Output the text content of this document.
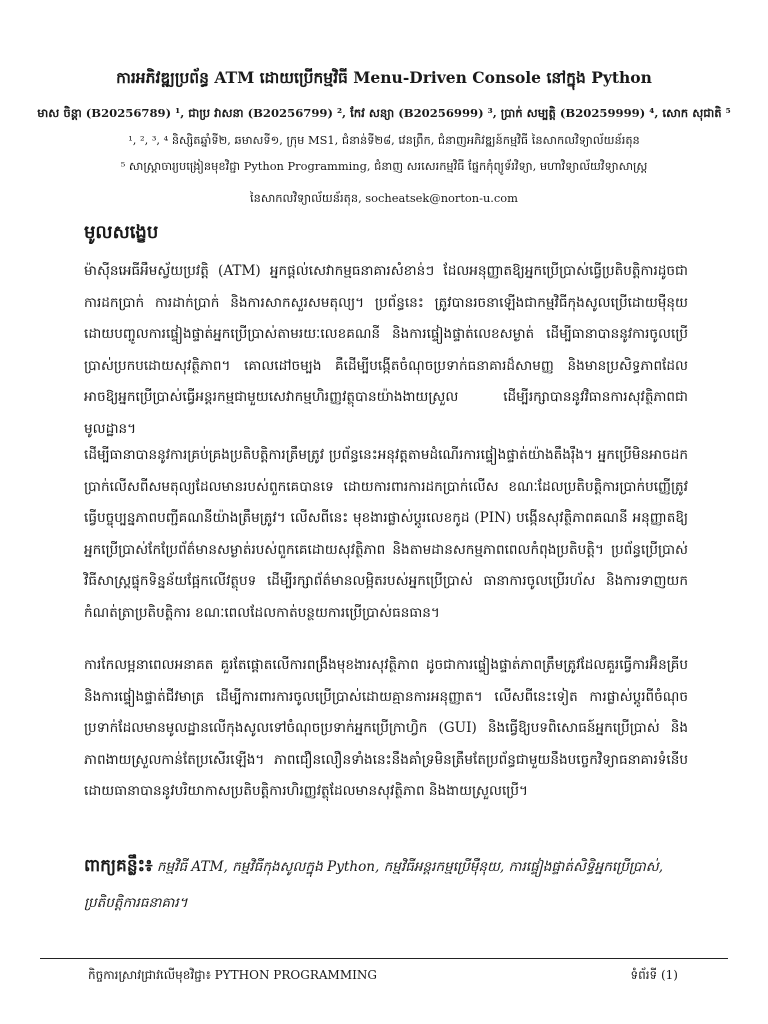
ការអភិវឌ្ឍប្រព័ន្ធ ATM ដោយប្រើកម្មវិធី Menu-Driven Console នៅក្នុង Python
មាស ចិន្តា (B20256789) ¹, ជាប្រ វាសនា (B20256799) ², កែវ សន្យា (B20256999) ³, ប្រាក់ សម្បត្តិ (B20259999) ⁴, សោក សុជាតិ ⁵
¹, ², ³, ⁴ និស្សិតឆ្នាំទី២, ឆមាសទី១, ក្រុម MS1, ជំនាន់ទី២៨, វេនព្រឹក, ជំនាញអភិវឌ្ឍន៍កម្មវិធី នៃសាកលវិទ្យាល័យន័រតុន
⁵ សាស្ត្រាចារ្យបង្រៀនមុខវិជ្ជា Python Programming, ជំនាញ សរសេរកម្មវិធី ផ្នែកកុំព្យូទ័រវិទ្យា, មហាវិទ្យាល័យវិទ្យាសាស្ត្រ
នៃសាកលវិទ្យាល័យន័រតុន, socheatsek@norton-u.com
មូលសង្ខេប

ម៉ាស៊ីនអេធីអឹមស្វ័យប្រវត្តិ (ATM) អ្នកផ្តល់សេវាកម្មធនាគារសំខាន់ៗ ដែលអនុញ្ញាតឱ្យអ្នកប្រើប្រាស់ធ្វើប្រតិបត្តិការដូចជាការដកប្រាក់ ការដាក់ប្រាក់ និងការសាកសួរសមតុល្យ។ ប្រព័ន្ធនេះ ត្រូវបានរចនាឡើងជាកម្មវិធីកុងសូលប្រើដោយម៉ឺនុយ ដោយបញ្ចូលការផ្ទៀងផ្ទាត់អ្នកប្រើប្រាស់តាមរយៈលេខគណនី និងការផ្ទៀងផ្ទាត់លេខសម្ងាត់ ដើម្បីធានាបាននូវការចូលប្រើប្រាស់ប្រកបដោយសុវត្ថិភាព។ គោលដៅចម្បង គឺដើម្បីបង្កើតចំណុចប្រទាក់ធនាគារដ៏សាមញ្ញ និងមានប្រសិទ្ធភាពដែលអាចឱ្យអ្នកប្រើប្រាស់ធ្វើអន្តរកម្មជាមួយសេវាកម្មហិរញ្ញវត្ថុបានយ៉ាងងាយស្រួល ដើម្បីរក្សាបាននូវវិធានការសុវត្ថិភាពជាមូលដ្ឋាន។

ដើម្បីធានាបាននូវការគ្រប់គ្រងប្រតិបត្តិការត្រឹមត្រូវ ប្រព័ន្ធនេះអនុវត្តតាមដំណើរការផ្ទៀងផ្ទាត់យ៉ាងតឹងរ៉ឹង។ អ្នកប្រើមិនអាចដកប្រាក់លើសពីសមតុល្យដែលមានរបស់ពួកគេបានទេ ដោយការពារការដកប្រាក់លើស ខណៈដែលប្រតិបត្តិការប្រាក់បញ្ញើត្រូវធ្វើបច្ចុប្បន្នភាពបញ្ជីគណនីយ៉ាងត្រឹមត្រូវ។ លើសពីនេះ មុខងារផ្លាស់ប្តូរលេខកូដ (PIN) បង្កើនសុវត្ថិភាពគណនី អនុញ្ញាតឱ្យអ្នកប្រើប្រាស់កែប្រែព័ត៌មានសម្ងាត់របស់ពួកគេដោយសុវត្ថិភាព និងតាមដានសកម្មភាពពេលកំពុងប្រតិបត្តិ។ ប្រព័ន្ធប្រើប្រាស់វិធីសាស្ត្រផ្ទុកទិន្នន័យផ្អែកលើវត្ថុបទ ដើម្បីរក្សាព័ត៌មានលម្អិតរបស់អ្នកប្រើប្រាស់ ធានាការចូលប្រើរហ័ស និងការទាញយកកំណត់ត្រាប្រតិបត្តិការ ខណៈពេលដែលកាត់បន្ថយការប្រើប្រាស់ធនធាន។

ការកែលម្អនាពេលអនាគត គួរតែផ្តោតលើការពង្រឹងមុខងារសុវត្ថិភាព ដូចជាការផ្ទៀងផ្ទាត់ភាពត្រឹមត្រូវដែលគួរធ្វើការអ៊ិនគ្រីប និងការផ្ទៀងផ្ទាត់ជីវមាត្រ ដើម្បីការពារការចូលប្រើប្រាស់ដោយគ្មានការអនុញ្ញាត។ លើសពីនេះទៀត ការផ្លាស់ប្តូរពីចំណុចប្រទាក់ដែលមានមូលដ្ឋានលើកុងសូលទៅចំណុចប្រទាក់អ្នកប្រើក្រាហ្វិក (GUI) និងធ្វើឱ្យបទពិសោធន៍អ្នកប្រើប្រាស់ និងភាពងាយស្រួលកាន់តែប្រសើរឡើង។ ភាពជឿនលឿនទាំងនេះនឹងគាំទ្រមិនត្រឹមតែប្រព័ន្ធជាមួយនឹងបច្ចេកវិទ្យាធនាគារទំនើប ដោយធានាបាននូវបរិយាកាសប្រតិបត្តិការហិរញ្ញវត្ថុដែលមានសុវត្ថិភាព និងងាយស្រួលប្រើ។

ពាក្យគន្លឹះ៖ កម្មវិធី ATM, កម្មវិធីកុងសូលក្នុង Python, កម្មវិធីអន្តរកម្មប្រើម៉ឺនុយ, ការផ្ទៀងផ្ទាត់សិទ្ធិអ្នកប្រើប្រាស់, ប្រតិបត្តិការធនាគារ។
កិច្ចការស្រាវជ្រាវលើមុខវិជ្ជា៖ PYTHON PROGRAMMING	ទំព័រទី (1)
